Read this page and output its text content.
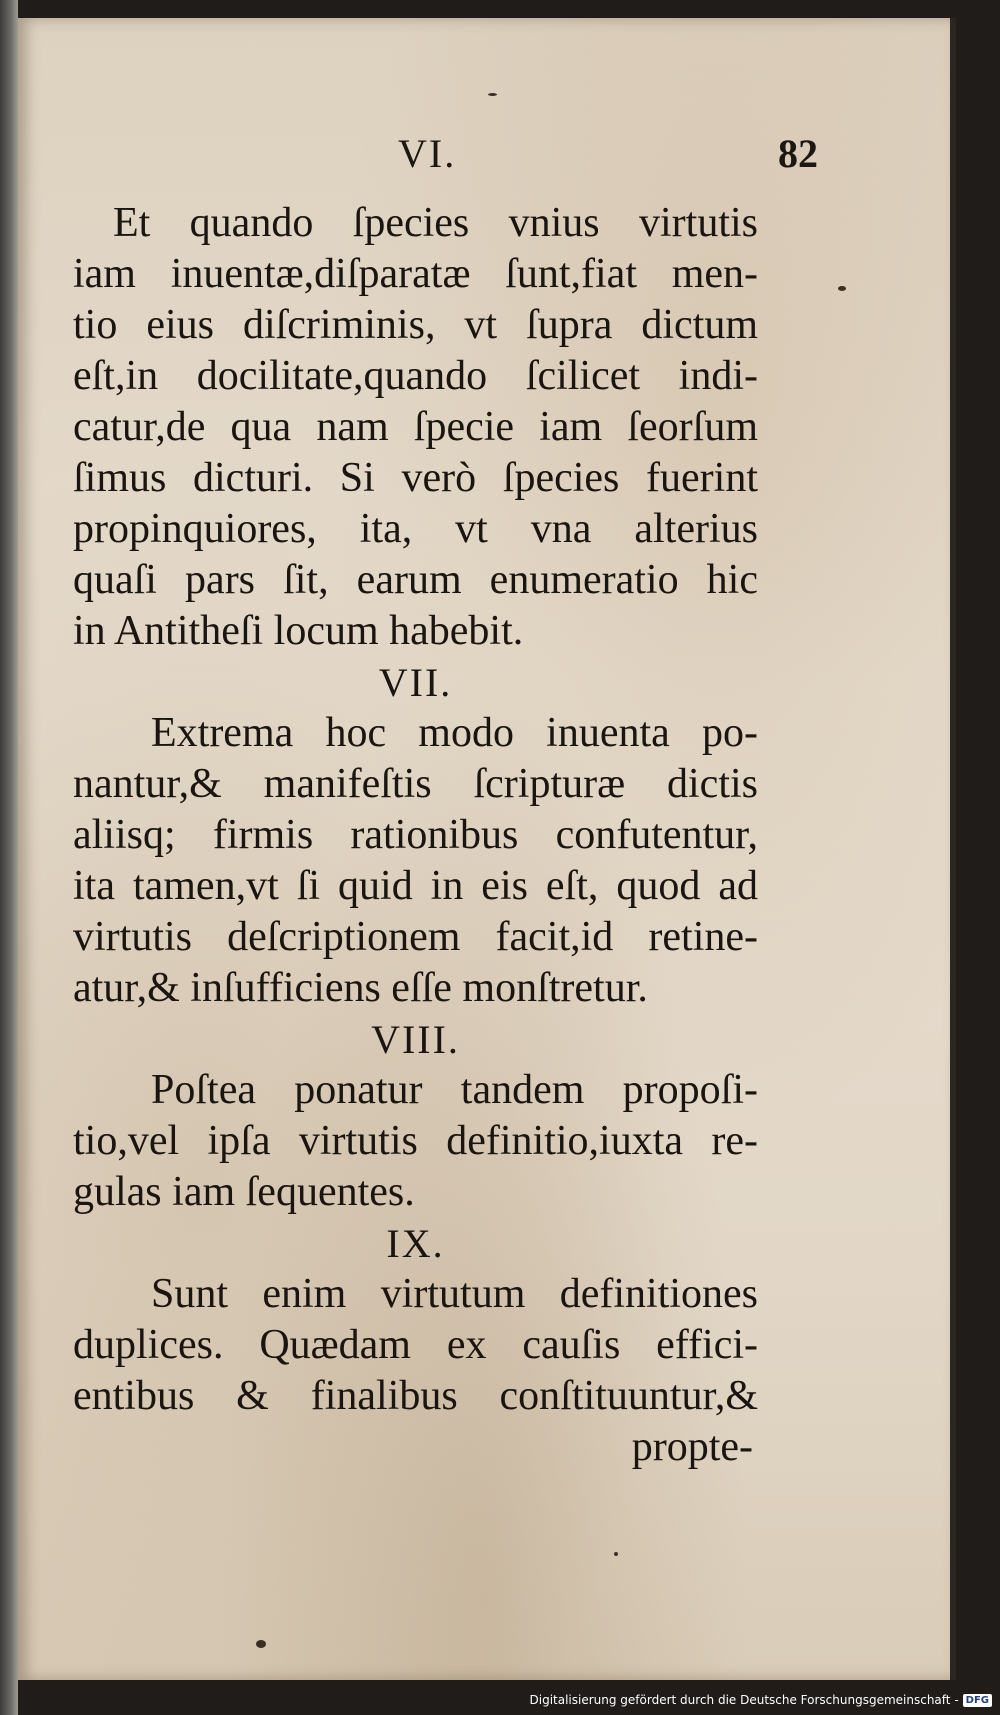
VI.	82
Et quando ſpecies vnius virtutis
iam inuentæ,diſparatæ ſunt,fiat men-
tio eius diſcriminis, vt ſupra dictum
eſt,in docilitate,quando ſcilicet indi-
catur,de qua nam ſpecie iam ſeorſum
ſimus dicturi. Si verò ſpecies fuerint
propinquiores, ita, vt vna alterius
quaſi pars ſit, earum enumeratio hic
in Antitheſi locum habebit.
VII.
Extrema hoc modo inuenta po-
nantur,& manifeſtis ſcripturæ dictis
aliisq; firmis rationibus confutentur,
ita tamen,vt ſi quid in eis eſt, quod ad
virtutis deſcriptionem facit,id retine-
atur,& inſufficiens eſſe monſtretur.
VIII.
Poſtea ponatur tandem propoſi-
tio,vel ipſa virtutis definitio,iuxta re-
gulas iam ſequentes.
IX.
Sunt enim virtutum definitiones
duplices. Quædam ex cauſis effici-
entibus & finalibus conſtituuntur,&
propte-
Digitalisierung gefördert durch die Deutsche Forschungsgemeinschaft - DFG
